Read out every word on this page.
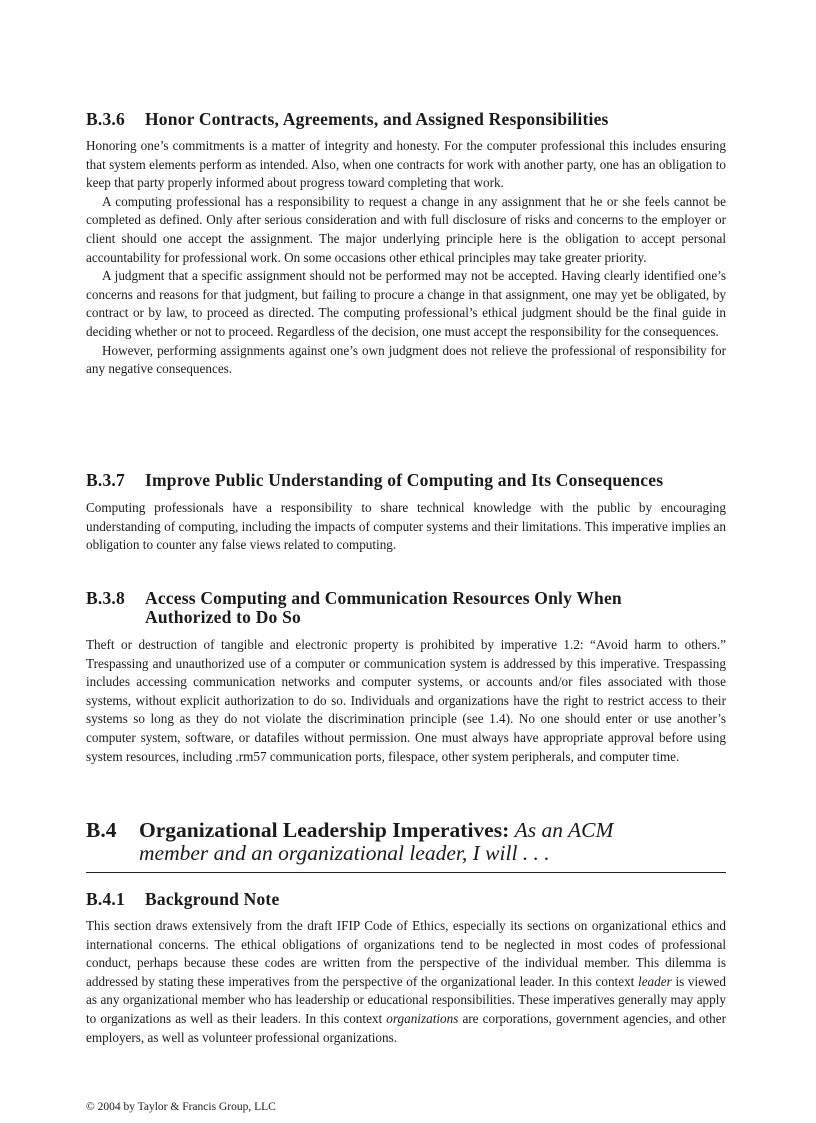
B.3.6 Honor Contracts, Agreements, and Assigned Responsibilities

Honoring one’s commitments is a matter of integrity and honesty. For the computer professional this includes ensuring that system elements perform as intended. Also, when one contracts for work with another party, one has an obligation to keep that party properly informed about progress toward completing that work.

A computing professional has a responsibility to request a change in any assignment that he or she feels cannot be completed as defined. Only after serious consideration and with full disclosure of risks and concerns to the employer or client should one accept the assignment. The major underlying principle here is the obligation to accept personal accountability for professional work. On some occasions other ethical principles may take greater priority.

A judgment that a specific assignment should not be performed may not be accepted. Having clearly identified one’s concerns and reasons for that judgment, but failing to procure a change in that assignment, one may yet be obligated, by contract or by law, to proceed as directed. The computing professional’s ethical judgment should be the final guide in deciding whether or not to proceed. Regardless of the decision, one must accept the responsibility for the consequences.

However, performing assignments against one’s own judgment does not relieve the professional of responsibility for any negative consequences.

B.3.7 Improve Public Understanding of Computing and Its Consequences

Computing professionals have a responsibility to share technical knowledge with the public by encouraging understanding of computing, including the impacts of computer systems and their limitations. This imperative implies an obligation to counter any false views related to computing.

B.3.8 Access Computing and Communication Resources Only When Authorized to Do So

Theft or destruction of tangible and electronic property is prohibited by imperative 1.2: “Avoid harm to others.” Trespassing and unauthorized use of a computer or communication system is addressed by this imperative. Trespassing includes accessing communication networks and computer systems, or accounts and/or files associated with those systems, without explicit authorization to do so. Individuals and organizations have the right to restrict access to their systems so long as they do not violate the discrimination principle (see 1.4). No one should enter or use another’s computer system, software, or datafiles without permission. One must always have appropriate approval before using system resources, including .rm57 communication ports, filespace, other system peripherals, and computer time.

B.4 Organizational Leadership Imperatives: As an ACM member and an organizational leader, I will . . .
B.4.1 Background Note

This section draws extensively from the draft IFIP Code of Ethics, especially its sections on organizational ethics and international concerns. The ethical obligations of organizations tend to be neglected in most codes of professional conduct, perhaps because these codes are written from the perspective of the individual member. This dilemma is addressed by stating these imperatives from the perspective of the organizational leader. In this context leader is viewed as any organizational member who has leadership or educational responsibilities. These imperatives generally may apply to organizations as well as their leaders. In this context organizations are corporations, government agencies, and other employers, as well as volunteer professional organizations.

© 2004 by Taylor & Francis Group, LLC
